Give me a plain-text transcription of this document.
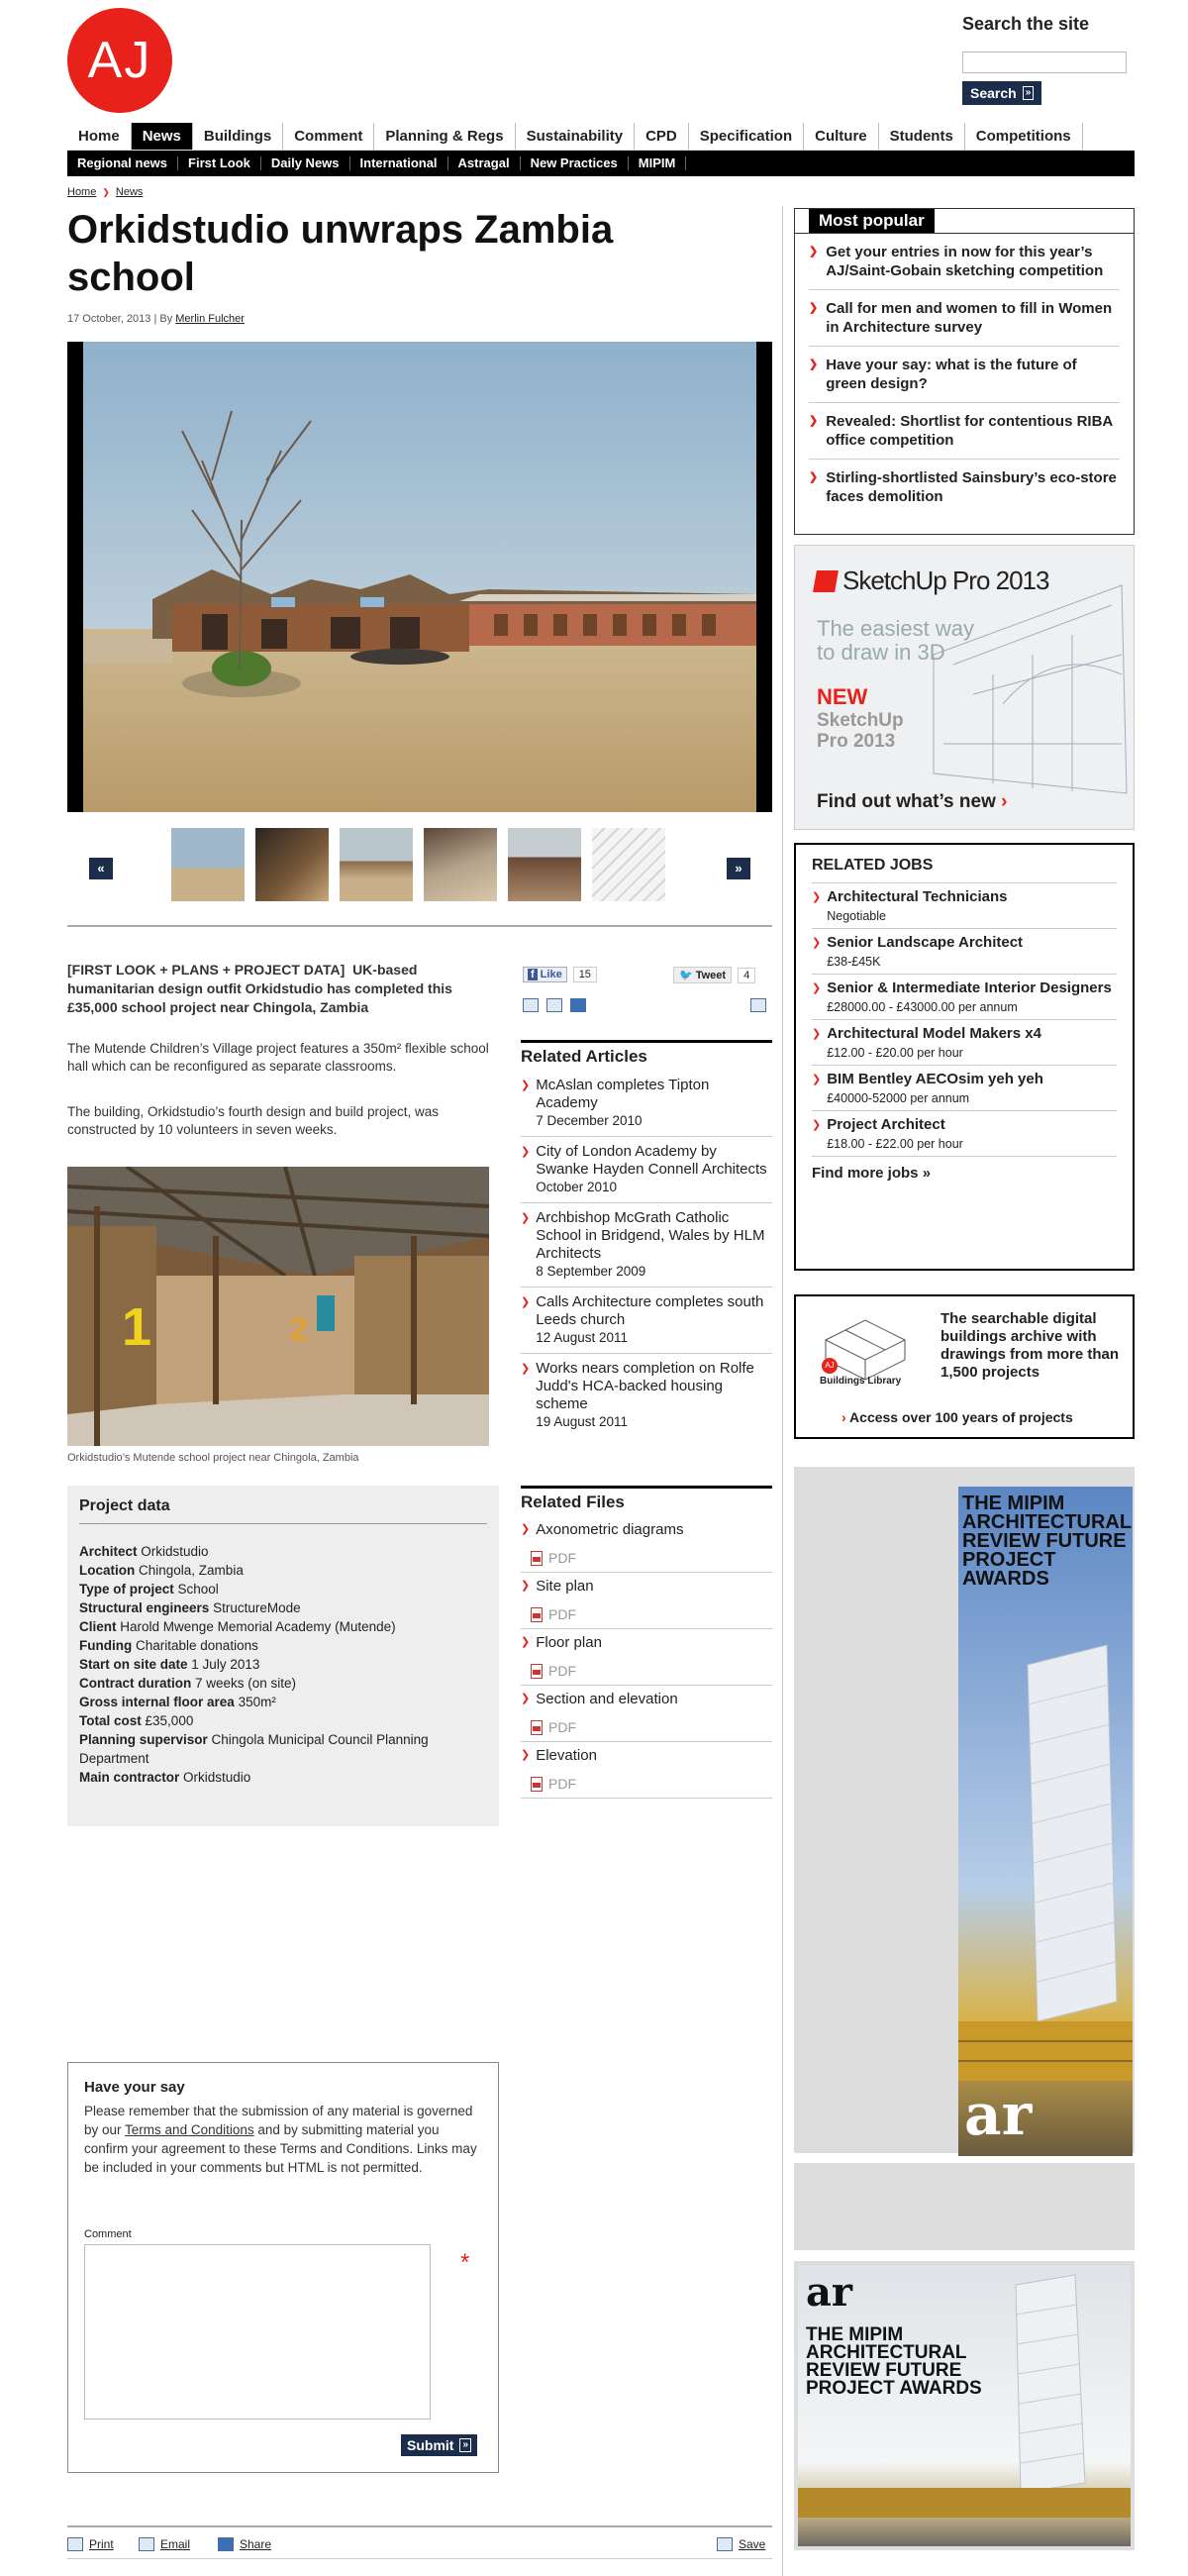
AJ
Search the site
Search »
Home	News	Buildings	Comment	Planning & Regs	Sustainability	CPD	Specification	Culture	Students	Competitions
Regional news	First Look	Daily News	International	Astragal	New Practices	MIPIM
Home ❯ News
Orkidstudio unwraps Zambia school
17 October, 2013 | By Merlin Fulcher
«	»
[FIRST LOOK + PLANS + PROJECT DATA] UK-based humanitarian design outfit Orkidstudio has completed this £35,000 school project near Chingola, Zambia
The Mutende Children’s Village project features a 350m² flexible school hall which can be reconfigured as separate classrooms.
The building, Orkidstudio’s fourth design and build project, was constructed by 10 volunteers in seven weeks.
1	2
Orkidstudio’s Mutende school project near Chingola, Zambia
Project data
Architect Orkidstudio
Location Chingola, Zambia
Type of project School
Structural engineers StructureMode
Client Harold Mwenge Memorial Academy (Mutende)
Funding Charitable donations
Start on site date 1 July 2013
Contract duration 7 weeks (on site)
Gross internal floor area 350m²
Total cost £35,000
Planning supervisor Chingola Municipal Council Planning Department
Main contractor Orkidstudio
f Like	15	🐦 Tweet	4
Related Articles
❯ McAslan completes Tipton Academy
7 December 2010
❯ City of London Academy by Swanke Hayden Connell Architects
October 2010
❯ Archbishop McGrath Catholic School in Bridgend, Wales by HLM Architects
8 September 2009
❯ Calls Architecture completes south Leeds church
12 August 2011
❯ Works nears completion on Rolfe Judd's HCA-backed housing scheme
19 August 2011
Related Files
❯ Axonometric diagrams
PDF
❯ Site plan
PDF
❯ Floor plan
PDF
❯ Section and elevation
PDF
❯ Elevation
PDF
Have your say

Please remember that the submission of any material is governed by our Terms and Conditions and by submitting material you confirm your agreement to these Terms and Conditions. Links may be included in your comments but HTML is not permitted.

Comment
*
Submit »
Print	Email	Share	Save
Most popular
❯ Get your entries in now for this year’s AJ/Saint-Gobain sketching competition
❯ Call for men and women to fill in Women in Architecture survey
❯ Have your say: what is the future of green design?
❯ Revealed: Shortlist for contentious RIBA office competition
❯ Stirling-shortlisted Sainsbury’s eco-store faces demolition
SketchUp Pro 2013
The easiest way to draw in 3D
NEW
SketchUp
Pro 2013
Find out what’s new ›
RELATED JOBS
❯ Architectural Technicians
Negotiable
❯ Senior Landscape Architect
£38-£45K
❯ Senior & Intermediate Interior Designers
£28000.00 - £43000.00 per annum
❯ Architectural Model Makers x4
£12.00 - £20.00 per hour
❯ BIM Bentley AECOsim yeh yeh
£40000-52000 per annum
❯ Project Architect
£18.00 - £22.00 per hour
Find more jobs »
AJ
Buildings Library
The searchable digital buildings archive with drawings from more than 1,500 projects
› Access over 100 years of projects
THE MIPIM ARCHITECTURAL REVIEW FUTURE PROJECT AWARDS
ar
ar
THE MIPIM
ARCHITECTURAL
REVIEW FUTURE
PROJECT AWARDS
